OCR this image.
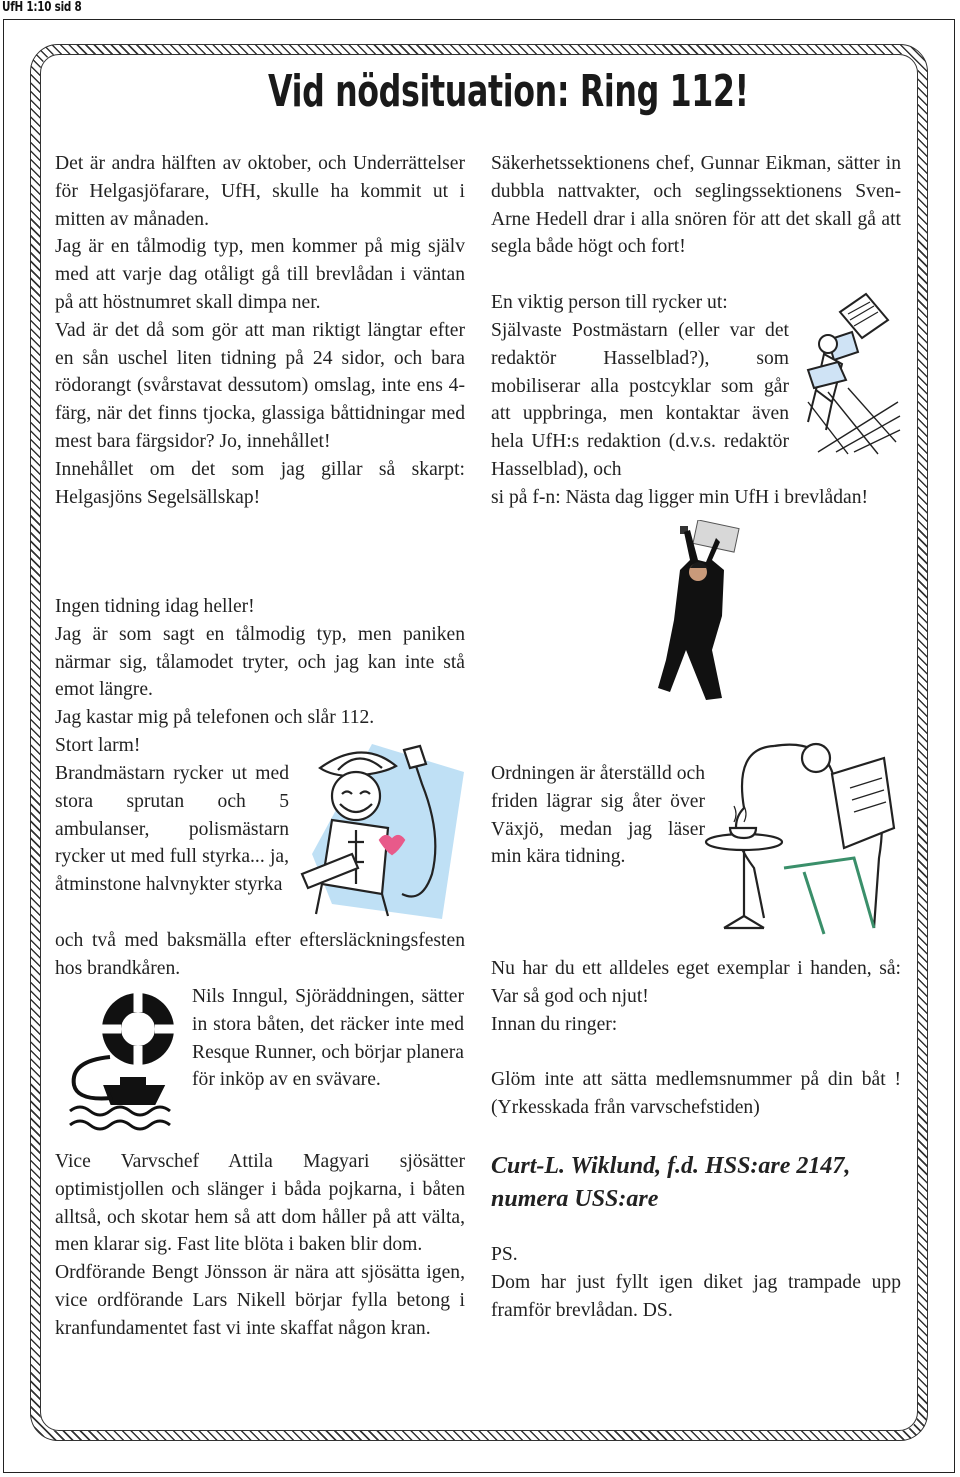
UfH 1:10 sid 8
Vid nödsituation: Ring 112!

Det är andra hälften av oktober, och Underrättelser för Helgasjöfarare, UfH, skulle ha kommit ut i mitten av månaden.

Jag är en tålmodig typ, men kommer på mig själv med att varje dag otåligt gå till brevlådan i väntan på att höstnumret skall dimpa ner.

Vad är det då som gör att man riktigt längtar efter en sån uschel liten tidning på 24 sidor, och bara rödorangt (svårstavat dessutom) omslag, inte ens 4-färg, när det finns tjocka, glassiga båttidningar med mest bara färgsidor? Jo, innehållet!

Innehållet om det som jag gillar så skarpt: Helgasjöns Segelsällskap!

Ingen tidning idag heller!

Jag är som sagt en tålmodig typ, men paniken närmar sig, tålamodet tryter, och jag kan inte stå emot längre.

Jag kastar mig på telefonen och slår 112.

Stort larm!

Brandmästarn rycker ut med stora sprutan och 5 ambulanser, polismästarn rycker ut med full styrka... ja, åtminstone halvnykter styrka

och två med baksmälla efter eftersläckningsfesten hos brandkåren.

Nils Inngul, Sjöräddningen, sätter in stora båten, det räcker inte med Resque Runner, och börjar planera för inköp av en svävare.

Vice Varvschef Attila Magyari sjösätter optimistjollen och slänger i båda pojkarna, i båten alltså, och skotar hem så att dom håller på att välta, men klarar sig. Fast lite blöta i baken blir dom.

Ordförande Bengt Jönsson är nära att sjösätta igen, vice ordförande Lars Nikell börjar fylla betong i kranfundamentet fast vi inte skaffat någon kran.

Säkerhetssektionens chef, Gunnar Eikman, sätter in dubbla nattvakter, och seglingssektionens Sven-Arne Hedell drar i alla snören för att det skall gå att segla både högt och fort!

En viktig person till rycker ut:

Självaste Postmästarn (eller var det redaktör Hasselblad?), som mobiliserar alla postcyklar som går att uppbringa, men kontaktar även hela UfH:s redaktion (d.v.s. redaktör Hasselblad), och

si på f-n: Nästa dag ligger min UfH i brevlådan!

Ordningen är återställd och friden lägrar sig åter över Växjö, medan jag läser min kära tidning.

Nu har du ett alldeles eget exemplar i handen, så: Var så god och njut!

Innan du ringer:

Glöm inte att sätta medlemsnummer på din båt ! (Yrkesskada från varvschefstiden)

Curt-L. Wiklund, f.d. HSS:are 2147, numera USS:are

PS.

Dom har just fyllt igen diket jag trampade upp framför brevlådan. DS.
